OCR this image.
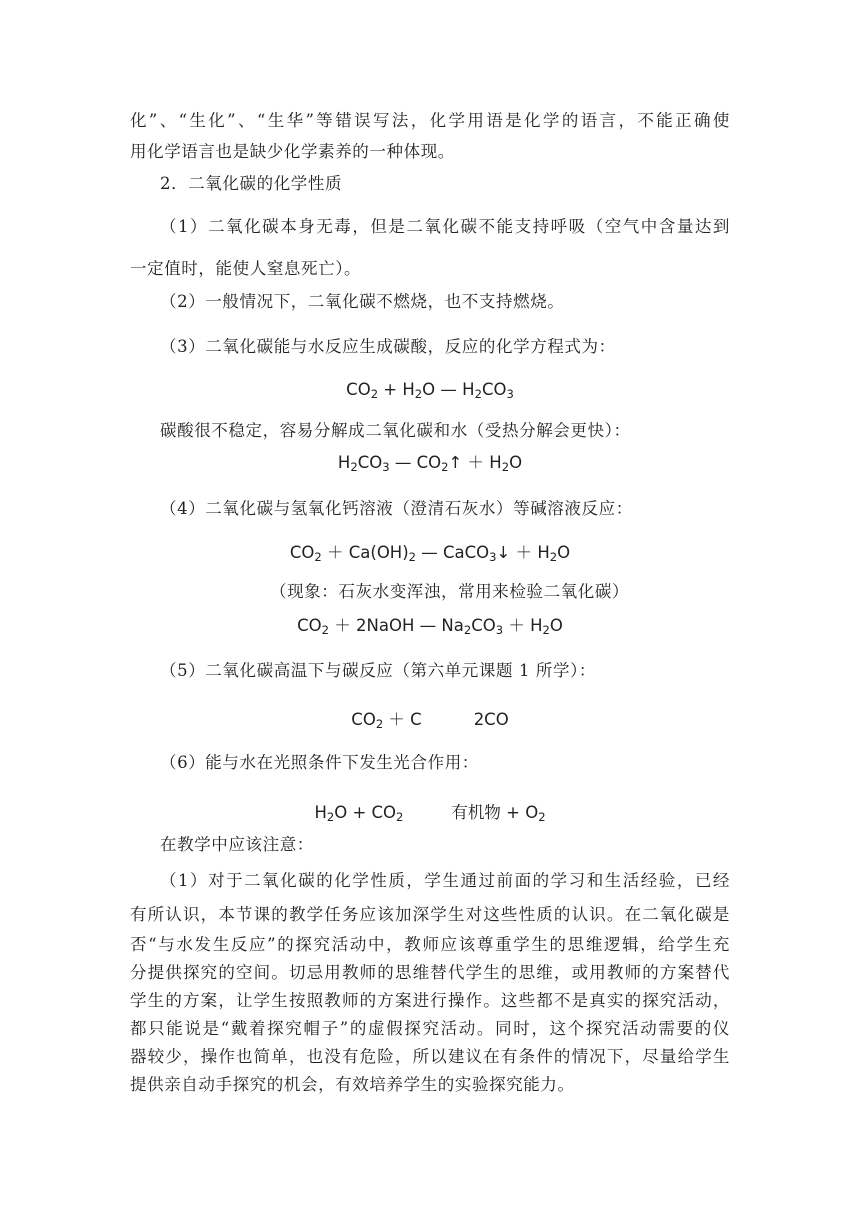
化”、“生化”、“生华”等错误写法，化学用语是化学的语言，不能正确使
用化学语言也是缺少化学素养的一种体现。
2．二氧化碳的化学性质
（1）二氧化碳本身无毒，但是二氧化碳不能支持呼吸（空气中含量达到
一定值时，能使人窒息死亡）。
（2）一般情况下，二氧化碳不燃烧，也不支持燃烧。
（3）二氧化碳能与水反应生成碳酸，反应的化学方程式为：
$CO_2 + H_2O$ — $H_2CO_3$
碳酸很不稳定，容易分解成二氧化碳和水（受热分解会更快）：
$H_2CO_3$ — $CO_2↑ + H_2O$
（4）二氧化碳与氢氧化钙溶液（澄清石灰水）等碱溶液反应：
$CO_2 + Ca(OH)_2$ — CaCO$_3$↓ ＋ $H_2O$
（现象：石灰水变浑浊，常用来检验二氧化碳）
$CO_2$ ＋ 2NaOH — $Na_2CO_3 + H_2O$
（5）二氧化碳高温下与碳反应（第六单元课题 1 所学）：
$CO_2 + C$	2CO
（6）能与水在光照条件下发生光合作用：
$H_2O + CO_2$	有机物 + $O_2$
在教学中应该注意：
（1）对于二氧化碳的化学性质，学生通过前面的学习和生活经验，已经
有所认识，本节课的教学任务应该加深学生对这些性质的认识。在二氧化碳是
否“与水发生反应”的探究活动中，教师应该尊重学生的思维逻辑，给学生充
分提供探究的空间。切忌用教师的思维替代学生的思维，或用教师的方案替代
学生的方案，让学生按照教师的方案进行操作。这些都不是真实的探究活动，
都只能说是“戴着探究帽子”的虚假探究活动。同时，这个探究活动需要的仪
器较少，操作也简单，也没有危险，所以建议在有条件的情况下，尽量给学生
提供亲自动手探究的机会，有效培养学生的实验探究能力。
